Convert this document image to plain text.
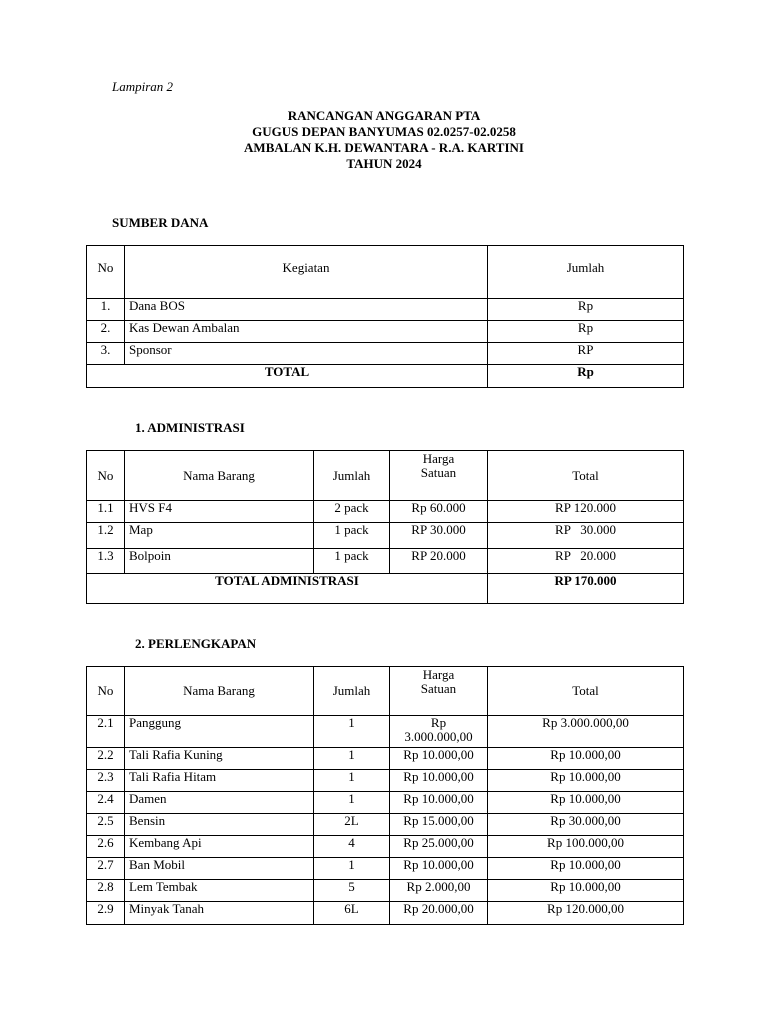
Lampiran 2
RANCANGAN ANGGARAN PTA
GUGUS DEPAN BANYUMAS 02.0257-02.0258
AMBALAN K.H. DEWANTARA - R.A. KARTINI
TAHUN 2024
SUMBER DANA
No	Kegiatan	Jumlah
1.	Dana BOS	Rp
2.	Kas Dewan Ambalan	Rp
3.	Sponsor	RP
TOTAL		Rp
1. ADMINISTRASI
No	Nama Barang	Jumlah	Harga Satuan	Total
1.1	HVS F4	2 pack	Rp 60.000	RP 120.000
1.2	Map	1 pack	RP 30.000	RP   30.000
1.3	Bolpoin	1 pack	RP 20.000	RP   20.000
TOTAL ADMINISTRASI				RP 170.000
2. PERLENGKAPAN
No	Nama Barang	Jumlah	Harga Satuan	Total
2.1	Panggung	1	Rp 3.000.000,00	Rp 3.000.000,00
2.2	Tali Rafia Kuning	1	Rp 10.000,00	Rp 10.000,00
2.3	Tali Rafia Hitam	1	Rp 10.000,00	Rp 10.000,00
2.4	Damen	1	Rp 10.000,00	Rp 10.000,00
2.5	Bensin	2L	Rp 15.000,00	Rp 30.000,00
2.6	Kembang Api	4	Rp 25.000,00	Rp 100.000,00
2.7	Ban Mobil	1	Rp 10.000,00	Rp 10.000,00
2.8	Lem Tembak	5	Rp 2.000,00	Rp 10.000,00
2.9	Minyak Tanah	6L	Rp 20.000,00	Rp 120.000,00
